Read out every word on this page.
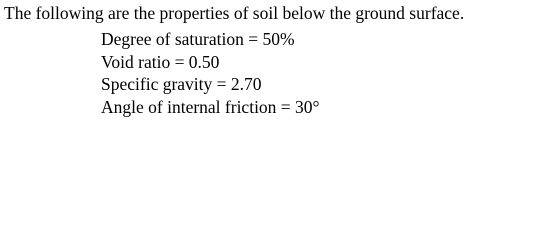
The following are the properties of soil below the ground surface.
Degree of saturation = 50%
Void ratio = 0.50
Specific gravity = 2.70
Angle of internal friction = 30°
